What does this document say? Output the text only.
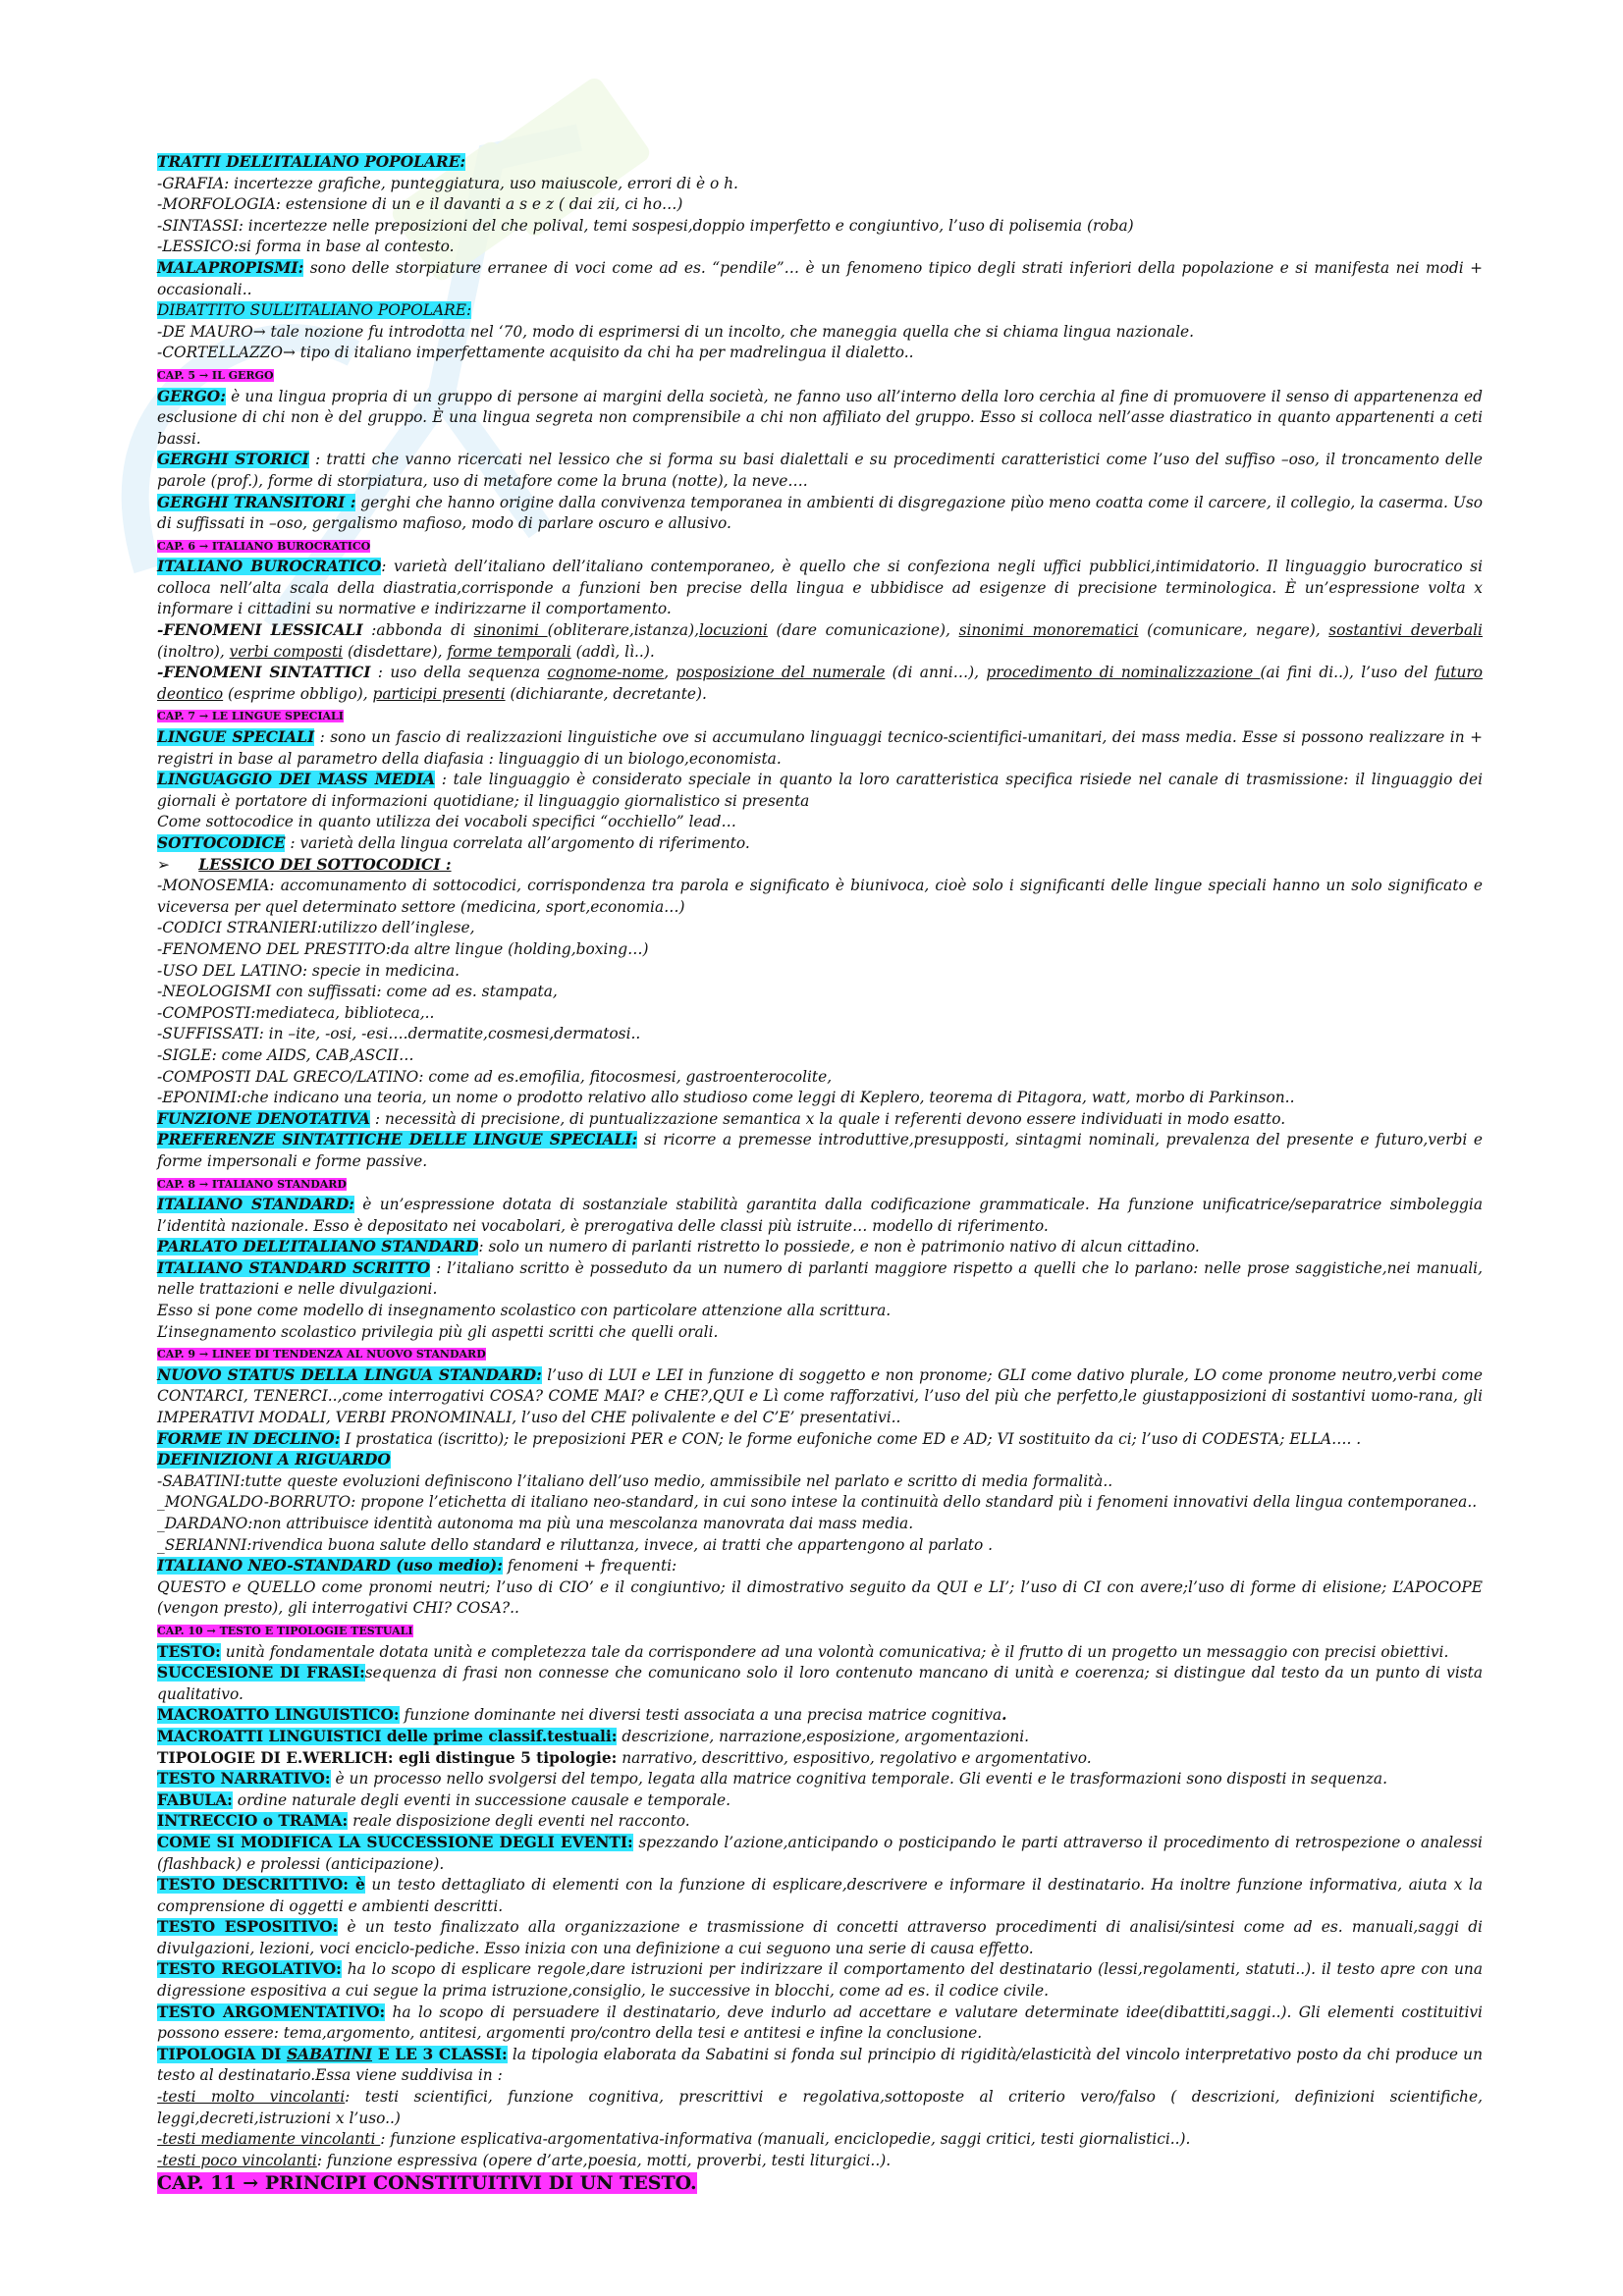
TRATTI DELL’ITALIANO POPOLARE:
-GRAFIA: incertezze grafiche, punteggiatura, uso maiuscole, errori di è o h.
-MORFOLOGIA: estensione di un e il davanti a s e z ( dai zii, ci ho…)
-SINTASSI: incertezze nelle preposizioni del che polival, temi sospesi,doppio imperfetto e congiuntivo, l’uso di polisemia (roba)
-LESSICO:si forma in base al contesto.
MALAPROPISMI: sono delle storpiature erranee di voci come ad es. “pendile”… è un fenomeno tipico degli strati inferiori della popolazione e si manifesta nei modi + occasionali..
DIBATTITO SULL’ITALIANO POPOLARE:
-DE MAURO→ tale nozione fu introdotta nel ‘70, modo di esprimersi di un incolto, che maneggia quella che si chiama lingua nazionale.
-CORTELLAZZO→ tipo di italiano imperfettamente acquisito da chi ha per madrelingua il dialetto..
CAP. 5 → IL GERGO
GERGO: è una lingua propria di un gruppo di persone ai margini della società, ne fanno uso all’interno della loro cerchia al fine di promuovere il senso di appartenenza ed esclusione di chi non è del gruppo. È una lingua segreta non comprensibile a chi non affiliato del gruppo. Esso si colloca nell’asse diastratico in quanto appartenenti a ceti bassi.
GERGHI STORICI : tratti che vanno ricercati nel lessico che si forma su basi dialettali e su procedimenti caratteristici come l’uso del suffiso –oso, il troncamento delle parole (prof.), forme di storpiatura, uso di metafore come la bruna (notte), la neve….
GERGHI TRANSITORI : gerghi che hanno origine dalla convivenza temporanea in ambienti di disgregazione piùo meno coatta come il carcere, il collegio, la caserma. Uso di suffissati in –oso, gergalismo mafioso, modo di parlare oscuro e allusivo.
CAP. 6 → ITALIANO BUROCRATICO
ITALIANO BUROCRATICO: varietà dell’italiano dell’italiano contemporaneo, è quello che si confeziona negli uffici pubblici,intimidatorio. Il linguaggio burocratico si colloca nell’alta scala della diastratia,corrisponde a funzioni ben precise della lingua e ubbidisce ad esigenze di precisione terminologica. È un’espressione volta x informare i cittadini su normative e indirizzarne il comportamento.
-FENOMENI LESSICALI :abbonda di sinonimi (obliterare,istanza),locuzioni (dare comunicazione), sinonimi monorematici (comunicare, negare), sostantivi deverbali (inoltro), verbi composti (disdettare), forme temporali (addì, lì..).
-FENOMENI SINTATTICI : uso della sequenza cognome-nome, posposizione del numerale (di anni…), procedimento di nominalizzazione (ai fini di..), l’uso del futuro deontico (esprime obbligo), participi presenti (dichiarante, decretante).
CAP. 7 → LE LINGUE SPECIALI
LINGUE SPECIALI : sono un fascio di realizzazioni linguistiche ove si accumulano linguaggi tecnico-scientifici-umanitari, dei mass media. Esse si possono realizzare in + registri in base al parametro della diafasia : linguaggio di un biologo,economista.
LINGUAGGIO DEI MASS MEDIA : tale linguaggio è considerato speciale in quanto la loro caratteristica specifica risiede nel canale di trasmissione: il linguaggio dei giornali è portatore di informazioni quotidiane; il linguaggio giornalistico si presenta
Come sottocodice in quanto utilizza dei vocaboli specifici “occhiello” lead…
SOTTOCODICE : varietà della lingua correlata all’argomento di riferimento.
➢ LESSICO DEI SOTTOCODICI :
-MONOSEMIA: accomunamento di sottocodici, corrispondenza tra parola e significato è biunivoca, cioè solo i significanti delle lingue speciali hanno un solo significato e viceversa per quel determinato settore (medicina, sport,economia…)
-CODICI STRANIERI:utilizzo dell’inglese,
-FENOMENO DEL PRESTITO:da altre lingue (holding,boxing…)
-USO DEL LATINO: specie in medicina.
-NEOLOGISMI con suffissati: come ad es. stampata,
-COMPOSTI:mediateca, biblioteca,..
-SUFFISSATI: in –ite, -osi, -esi….dermatite,cosmesi,dermatosi..
-SIGLE: come AIDS, CAB,ASCII…
-COMPOSTI DAL GRECO/LATINO: come ad es.emofilia, fitocosmesi, gastroenterocolite,
-EPONIMI:che indicano una teoria, un nome o prodotto relativo allo studioso come leggi di Keplero, teorema di Pitagora, watt, morbo di Parkinson..
FUNZIONE DENOTATIVA : necessità di precisione, di puntualizzazione semantica x la quale i referenti devono essere individuati in modo esatto.
PREFERENZE SINTATTICHE DELLE LINGUE SPECIALI: si ricorre a premesse introduttive,presupposti, sintagmi nominali, prevalenza del presente e futuro,verbi e forme impersonali e forme passive.
CAP. 8 → ITALIANO STANDARD
ITALIANO STANDARD: è un’espressione dotata di sostanziale stabilità garantita dalla codificazione grammaticale. Ha funzione unificatrice/separatrice simboleggia l’identità nazionale. Esso è depositato nei vocabolari, è prerogativa delle classi più istruite… modello di riferimento.
PARLATO DELL’ITALIANO STANDARD: solo un numero di parlanti ristretto lo possiede, e non è patrimonio nativo di alcun cittadino.
ITALIANO STANDARD SCRITTO : l’italiano scritto è posseduto da un numero di parlanti maggiore rispetto a quelli che lo parlano: nelle prose saggistiche,nei manuali, nelle trattazioni e nelle divulgazioni.
Esso si pone come modello di insegnamento scolastico con particolare attenzione alla scrittura.
L’insegnamento scolastico privilegia più gli aspetti scritti che quelli orali.
CAP. 9 → LINEE DI TENDENZA AL NUOVO STANDARD
NUOVO STATUS DELLA LINGUA STANDARD: l’uso di LUI e LEI in funzione di soggetto e non pronome; GLI come dativo plurale, LO come pronome neutro,verbi come CONTARCI, TENERCI..,come interrogativi COSA? COME MAI? e CHE?,QUI e Lì come rafforzativi, l’uso del più che perfetto,le giustapposizioni di sostantivi uomo-rana, gli IMPERATIVI MODALI, VERBI PRONOMINALI, l’uso del CHE polivalente e del C’E’ presentativi..
FORME IN DECLINO: I prostatica (iscritto); le preposizioni PER e CON; le forme eufoniche come ED e AD; VI sostituito da ci; l’uso di CODESTA; ELLA…. .
DEFINIZIONI A RIGUARDO
-SABATINI:tutte queste evoluzioni definiscono l’italiano dell’uso medio, ammissibile nel parlato e scritto di media formalità..
_MONGALDO-BORRUTO: propone l’etichetta di italiano neo-standard, in cui sono intese la continuità dello standard più i fenomeni innovativi della lingua contemporanea..
_DARDANO:non attribuisce identità autonoma ma più una mescolanza manovrata dai mass media.
_SERIANNI:rivendica buona salute dello standard e riluttanza, invece, ai tratti che appartengono al parlato .
ITALIANO NEO-STANDARD (uso medio): fenomeni + frequenti:
QUESTO e QUELLO come pronomi neutri; l’uso di CIO’ e il congiuntivo; il dimostrativo seguito da QUI e LI’; l’uso di CI con avere;l’uso di forme di elisione; L’APOCOPE (vengon presto), gli interrogativi CHI? COSA?..
CAP. 10 → TESTO E TIPOLOGIE TESTUALI
TESTO: unità fondamentale dotata unità e completezza tale da corrispondere ad una volontà comunicativa; è il frutto di un progetto un messaggio con precisi obiettivi.
SUCCESIONE DI FRASI:sequenza di frasi non connesse che comunicano solo il loro contenuto mancano di unità e coerenza; si distingue dal testo da un punto di vista qualitativo.
MACROATTO LINGUISTICO: funzione dominante nei diversi testi associata a una precisa matrice cognitiva.
MACROATTI LINGUISTICI delle prime classif.testuali: descrizione, narrazione,esposizione, argomentazioni.
TIPOLOGIE DI E.WERLICH: egli distingue 5 tipologie: narrativo, descrittivo, espositivo, regolativo e argomentativo.
TESTO NARRATIVO: è un processo nello svolgersi del tempo, legata alla matrice cognitiva temporale. Gli eventi e le trasformazioni sono disposti in sequenza.
FABULA: ordine naturale degli eventi in successione causale e temporale.
INTRECCIO o TRAMA: reale disposizione degli eventi nel racconto.
COME SI MODIFICA LA SUCCESSIONE DEGLI EVENTI: spezzando l’azione,anticipando o posticipando le parti attraverso il procedimento di retrospezione o analessi (flashback) e prolessi (anticipazione).
TESTO DESCRITTIVO: è un testo dettagliato di elementi con la funzione di esplicare,descrivere e informare il destinatario. Ha inoltre funzione informativa, aiuta x la comprensione di oggetti e ambienti descritti.
TESTO ESPOSITIVO: è un testo finalizzato alla organizzazione e trasmissione di concetti attraverso procedimenti di analisi/sintesi come ad es. manuali,saggi di divulgazioni, lezioni, voci enciclo-pediche. Esso inizia con una definizione a cui seguono una serie di causa effetto.
TESTO REGOLATIVO: ha lo scopo di esplicare regole,dare istruzioni per indirizzare il comportamento del destinatario (lessi,regolamenti, statuti..). il testo apre con una digressione espositiva a cui segue la prima istruzione,consiglio, le successive in blocchi, come ad es. il codice civile.
TESTO ARGOMENTATIVO: ha lo scopo di persuadere il destinatario, deve indurlo ad accettare e valutare determinate idee(dibattiti,saggi..). Gli elementi costituitivi possono essere: tema,argomento, antitesi, argomenti pro/contro della tesi e antitesi e infine la conclusione.
TIPOLOGIA DI SABATINI E LE 3 CLASSI: la tipologia elaborata da Sabatini si fonda sul principio di rigidità/elasticità del vincolo interpretativo posto da chi produce un testo al destinatario.Essa viene suddivisa in :
-testi molto vincolanti: testi scientifici, funzione cognitiva, prescrittivi e regolativa,sottoposte al criterio vero/falso ( descrizioni, definizioni scientifiche, leggi,decreti,istruzioni x l’uso..)
-testi mediamente vincolanti : funzione esplicativa-argomentativa-informativa (manuali, enciclopedie, saggi critici, testi giornalistici..).
-testi poco vincolanti: funzione espressiva (opere d’arte,poesia, motti, proverbi, testi liturgici..).
CAP. 11 → PRINCIPI CONSTITUITIVI DI UN TESTO.
